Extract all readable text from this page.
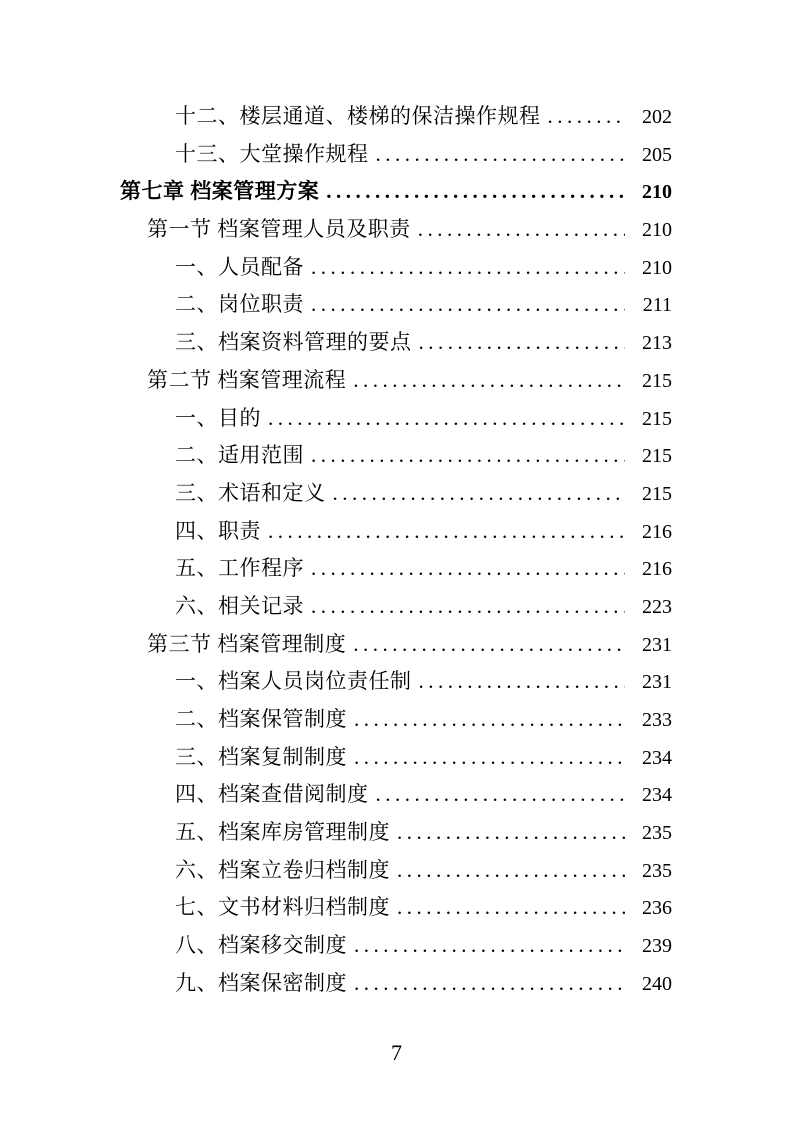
十二、楼层通道、楼梯的保洁操作规程 .....	202
十三、大堂操作规程 .....	205
第七章 档案管理方案 .....	210
第一节 档案管理人员及职责 .....	210
一、人员配备 .....	210
二、岗位职责 .....	211
三、档案资料管理的要点 .....	213
第二节 档案管理流程 .....	215
一、目的 .....	215
二、适用范围 .....	215
三、术语和定义 .....	215
四、职责 .....	216
五、工作程序 .....	216
六、相关记录 .....	223
第三节 档案管理制度 .....	231
一、档案人员岗位责任制 .....	231
二、档案保管制度 .....	233
三、档案复制制度 .....	234
四、档案查借阅制度 .....	234
五、档案库房管理制度 .....	235
六、档案立卷归档制度 .....	235
七、文书材料归档制度 .....	236
八、档案移交制度 .....	239
九、档案保密制度 .....	240
7
